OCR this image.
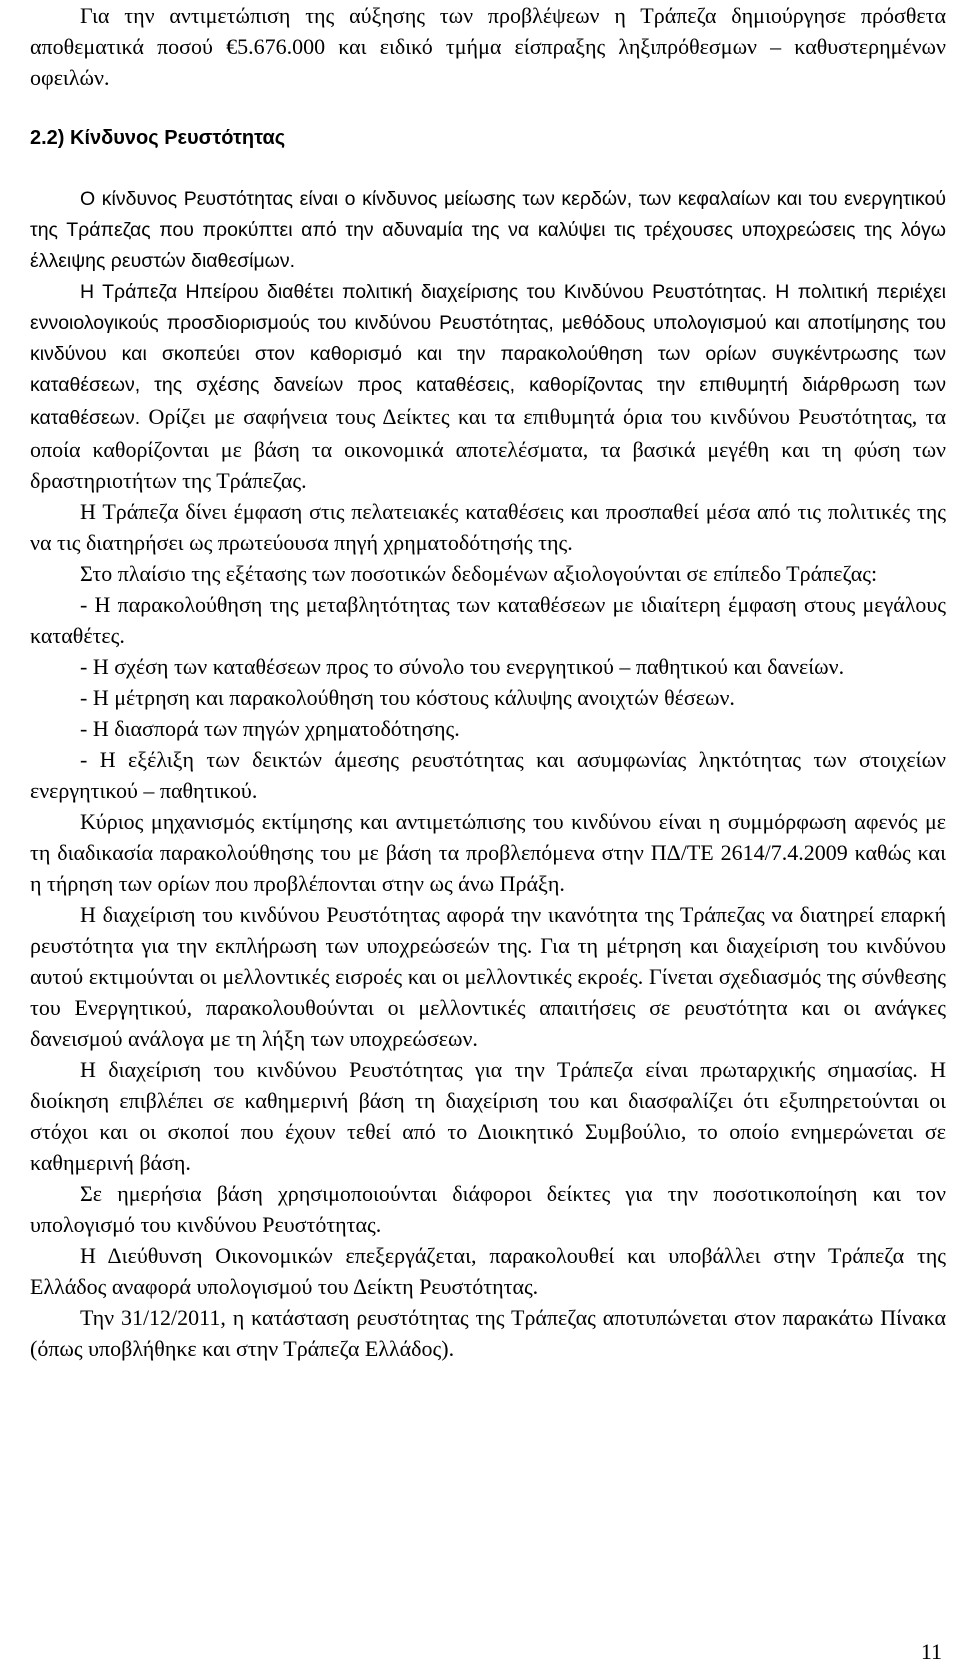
Για την αντιμετώπιση της αύξησης των προβλέψεων η Τράπεζα δημιούργησε πρόσθετα αποθεματικά ποσού €5.676.000 και ειδικό τμήμα είσπραξης ληξιπρόθεσμων – καθυστερημένων οφειλών.

2.2) Κίνδυνος Ρευστότητας

Ο κίνδυνος Ρευστότητας είναι ο κίνδυνος μείωσης των κερδών, των κεφαλαίων και του ενεργητικού της Τράπεζας που προκύπτει από την αδυναμία της να καλύψει τις τρέχουσες υποχρεώσεις της λόγω έλλειψης ρευστών διαθεσίμων.

Η Τράπεζα Ηπείρου διαθέτει πολιτική διαχείρισης του Κινδύνου Ρευστότητας. Η πολιτική περιέχει εννοιολογικούς προσδιορισμούς του κινδύνου Ρευστότητας, μεθόδους υπολογισμού και αποτίμησης του κινδύνου και σκοπεύει στον καθορισμό και την παρακολούθηση των ορίων συγκέντρωσης των καταθέσεων, της σχέσης δανείων προς καταθέσεις, καθορίζοντας την επιθυμητή διάρθρωση των καταθέσεων. Ορίζει με σαφήνεια τους Δείκτες και τα επιθυμητά όρια του κινδύνου Ρευστότητας, τα οποία καθορίζονται με βάση τα οικονομικά αποτελέσματα, τα βασικά μεγέθη και τη φύση των δραστηριοτήτων της Τράπεζας.

Η Τράπεζα δίνει έμφαση στις πελατειακές καταθέσεις και προσπαθεί μέσα από τις πολιτικές της να τις διατηρήσει ως πρωτεύουσα πηγή χρηματοδότησής της.

Στο πλαίσιο της εξέτασης των ποσοτικών δεδομένων αξιολογούνται σε επίπεδο Τράπεζας:

- Η παρακολούθηση της μεταβλητότητας των καταθέσεων με ιδιαίτερη έμφαση στους μεγάλους καταθέτες.

- Η σχέση των καταθέσεων προς το σύνολο του ενεργητικού – παθητικού και δανείων.

- Η μέτρηση και παρακολούθηση του κόστους κάλυψης ανοιχτών θέσεων.

- Η διασπορά των πηγών χρηματοδότησης.

- Η εξέλιξη των δεικτών άμεσης ρευστότητας και ασυμφωνίας ληκτότητας των στοιχείων ενεργητικού – παθητικού.

Κύριος μηχανισμός εκτίμησης και αντιμετώπισης του κινδύνου είναι η συμμόρφωση αφενός με τη διαδικασία παρακολούθησης του με βάση τα προβλεπόμενα στην ΠΔ/ΤΕ 2614/7.4.2009 καθώς και η τήρηση των ορίων που προβλέπονται στην ως άνω Πράξη.

Η διαχείριση του κινδύνου Ρευστότητας αφορά την ικανότητα της Τράπεζας να διατηρεί επαρκή ρευστότητα για την εκπλήρωση των υποχρεώσεών της. Για τη μέτρηση και διαχείριση του κινδύνου αυτού εκτιμούνται οι μελλοντικές εισροές και οι μελλοντικές εκροές. Γίνεται σχεδιασμός της σύνθεσης του Ενεργητικού, παρακολουθούνται οι μελλοντικές απαιτήσεις σε ρευστότητα και οι ανάγκες δανεισμού ανάλογα με τη λήξη των υποχρεώσεων.

Η διαχείριση του κινδύνου Ρευστότητας για την Τράπεζα είναι πρωταρχικής σημασίας. Η διοίκηση επιβλέπει σε καθημερινή βάση τη διαχείριση του και διασφαλίζει ότι εξυπηρετούνται οι στόχοι και οι σκοποί που έχουν τεθεί από το Διοικητικό Συμβούλιο, το οποίο ενημερώνεται σε καθημερινή βάση.

Σε ημερήσια βάση χρησιμοποιούνται διάφοροι δείκτες για την ποσοτικοποίηση και τον υπολογισμό του κινδύνου Ρευστότητας.

Η Διεύθυνση Οικονομικών επεξεργάζεται, παρακολουθεί και υποβάλλει στην Τράπεζα της Ελλάδος αναφορά υπολογισμού του Δείκτη Ρευστότητας.

Την 31/12/2011, η κατάσταση ρευστότητας της Τράπεζας αποτυπώνεται στον παρακάτω Πίνακα (όπως υποβλήθηκε και στην Τράπεζα Ελλάδος).

11
